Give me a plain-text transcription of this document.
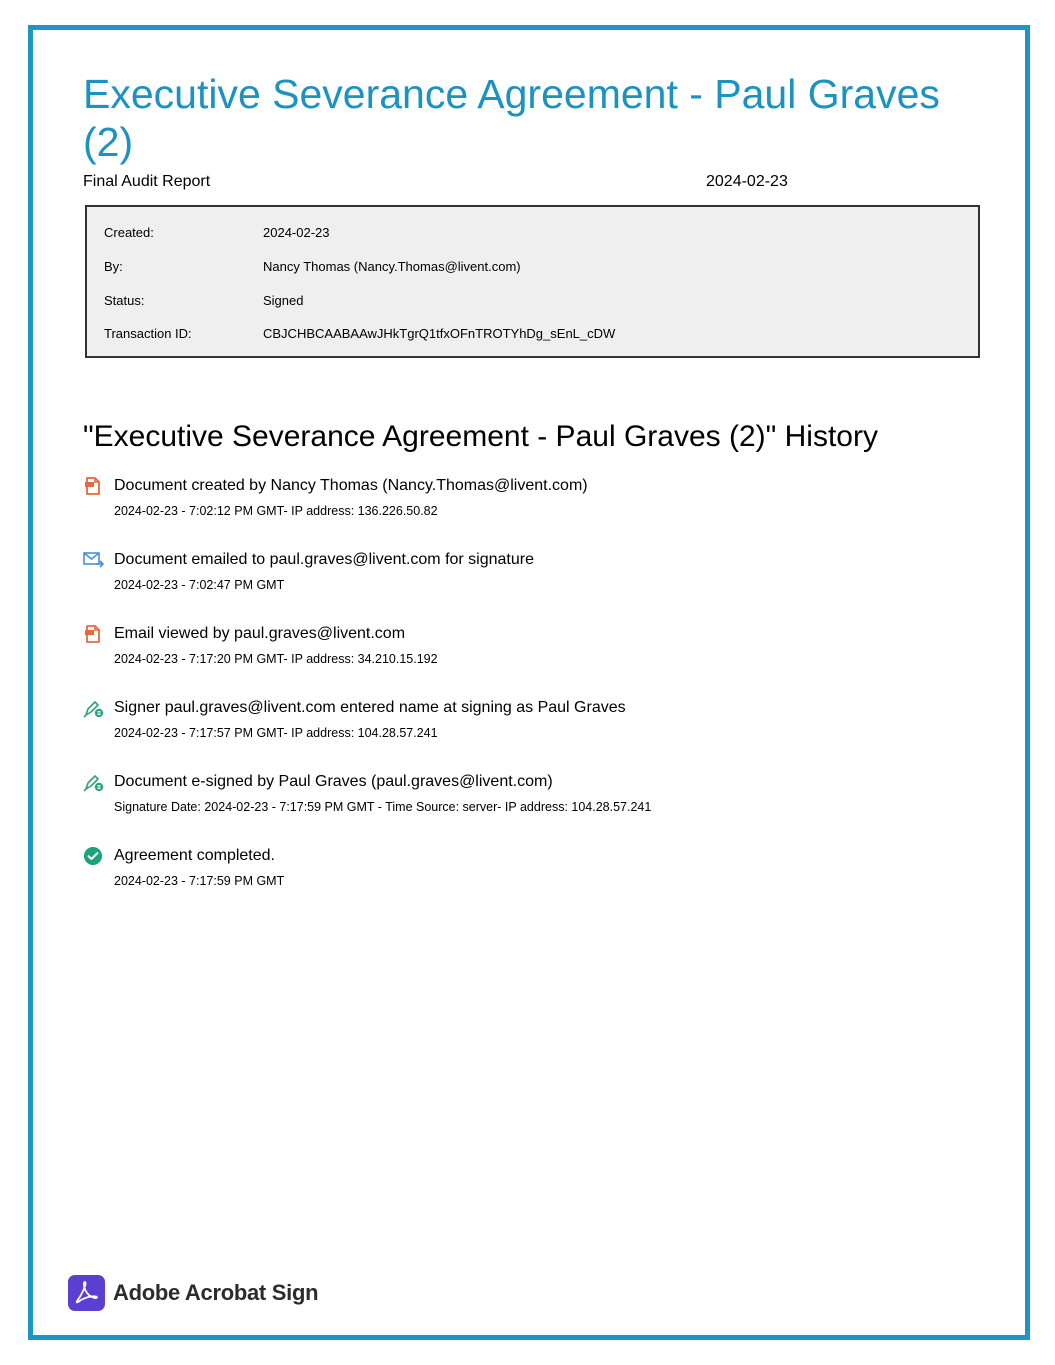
Executive Severance Agreement - Paul Graves (2)
Final Audit Report	2024-02-23
Created:	2024-02-23
By:	Nancy Thomas (Nancy.Thomas@livent.com)
Status:	Signed
Transaction ID:	CBJCHBCAABAAwJHkTgrQ1tfxOFnTROTYhDg_sEnL_cDW
"Executive Severance Agreement - Paul Graves (2)" History
Document created by Nancy Thomas (Nancy.Thomas@livent.com)
2024-02-23 - 7:02:12 PM GMT- IP address: 136.226.50.82
Document emailed to paul.graves@livent.com for signature
2024-02-23 - 7:02:47 PM GMT
Email viewed by paul.graves@livent.com
2024-02-23 - 7:17:20 PM GMT- IP address: 34.210.15.192
Signer paul.graves@livent.com entered name at signing as Paul Graves
2024-02-23 - 7:17:57 PM GMT- IP address: 104.28.57.241
Document e-signed by Paul Graves (paul.graves@livent.com)
Signature Date: 2024-02-23 - 7:17:59 PM GMT - Time Source: server- IP address: 104.28.57.241
Agreement completed.
2024-02-23 - 7:17:59 PM GMT
Adobe Acrobat Sign
